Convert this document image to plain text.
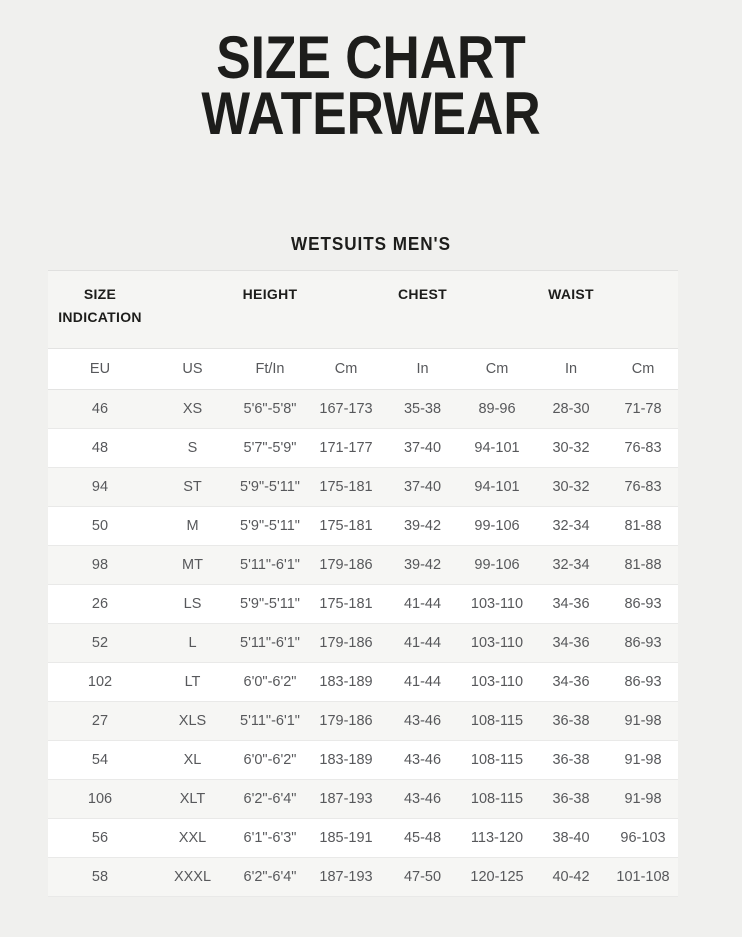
SIZE CHART
WATERWEAR
WETSUITS MEN'S
SIZE INDICATION		HEIGHT		CHEST		WAIST	
EU	US	Ft/In	Cm	In	Cm	In	Cm
46	XS	5'6"-5'8"	167-173	35-38	89-96	28-30	71-78
48	S	5'7"-5'9"	171-177	37-40	94-101	30-32	76-83
94	ST	5'9"-5'11"	175-181	37-40	94-101	30-32	76-83
50	M	5'9"-5'11"	175-181	39-42	99-106	32-34	81-88
98	MT	5'11"-6'1"	179-186	39-42	99-106	32-34	81-88
26	LS	5'9"-5'11"	175-181	41-44	103-110	34-36	86-93
52	L	5'11"-6'1"	179-186	41-44	103-110	34-36	86-93
102	LT	6'0"-6'2"	183-189	41-44	103-110	34-36	86-93
27	XLS	5'11"-6'1"	179-186	43-46	108-115	36-38	91-98
54	XL	6'0"-6'2"	183-189	43-46	108-115	36-38	91-98
106	XLT	6'2"-6'4"	187-193	43-46	108-115	36-38	91-98
56	XXL	6'1"-6'3"	185-191	45-48	113-120	38-40	96-103
58	XXXL	6'2"-6'4"	187-193	47-50	120-125	40-42	101-108
